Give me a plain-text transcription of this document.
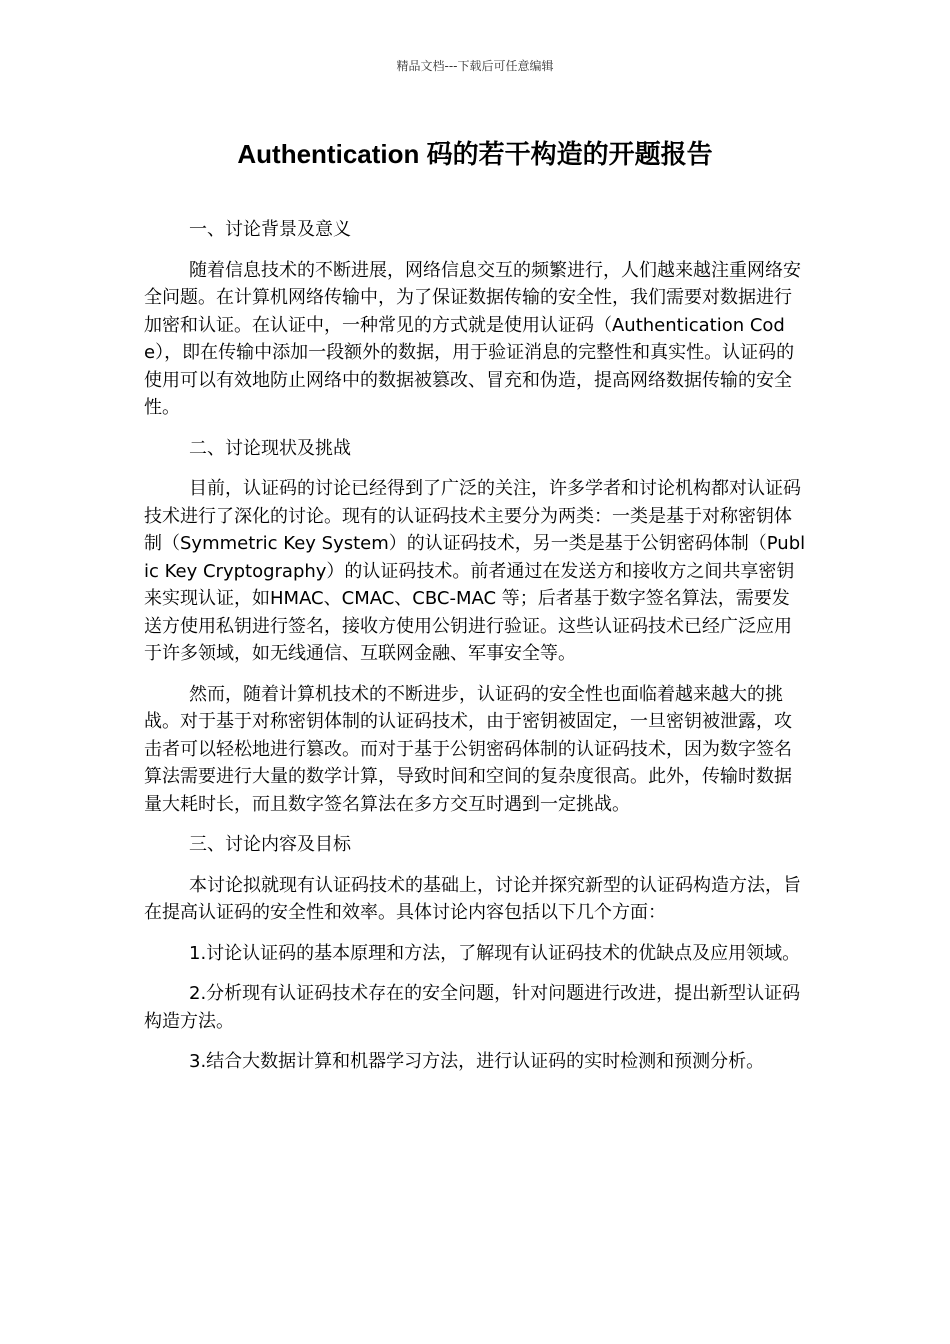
精品文档---下载后可任意编辑
Authentication 码的若干构造的开题报告

一、讨论背景及意义

随着信息技术的不断进展，网络信息交互的频繁进行，人们越来越注重网络安全问题。在计算机网络传输中，为了保证数据传输的安全性，我们需要对数据进行加密和认证。在认证中，一种常见的方式就是使用认证码（Authentication Code），即在传输中添加一段额外的数据，用于验证消息的完整性和真实性。认证码的使用可以有效地防止网络中的数据被篡改、冒充和伪造，提高网络数据传输的安全性。

二、讨论现状及挑战

目前，认证码的讨论已经得到了广泛的关注，许多学者和讨论机构都对认证码技术进行了深化的讨论。现有的认证码技术主要分为两类：一类是基于对称密钥体制（Symmetric Key System）的认证码技术，另一类是基于公钥密码体制（Public Key Cryptography）的认证码技术。前者通过在发送方和接收方之间共享密钥来实现认证，如HMAC、CMAC、CBC-MAC 等；后者基于数字签名算法，需要发送方使用私钥进行签名，接收方使用公钥进行验证。这些认证码技术已经广泛应用于许多领域，如无线通信、互联网金融、军事安全等。

然而，随着计算机技术的不断进步，认证码的安全性也面临着越来越大的挑战。对于基于对称密钥体制的认证码技术，由于密钥被固定，一旦密钥被泄露，攻击者可以轻松地进行篡改。而对于基于公钥密码体制的认证码技术，因为数字签名算法需要进行大量的数学计算，导致时间和空间的复杂度很高。此外，传输时数据量大耗时长，而且数字签名算法在多方交互时遇到一定挑战。

三、讨论内容及目标

本讨论拟就现有认证码技术的基础上，讨论并探究新型的认证码构造方法，旨在提高认证码的安全性和效率。具体讨论内容包括以下几个方面：

1.讨论认证码的基本原理和方法，了解现有认证码技术的优缺点及应用领域。

2.分析现有认证码技术存在的安全问题，针对问题进行改进，提出新型认证码构造方法。

3.结合大数据计算和机器学习方法，进行认证码的实时检测和预测分析。
